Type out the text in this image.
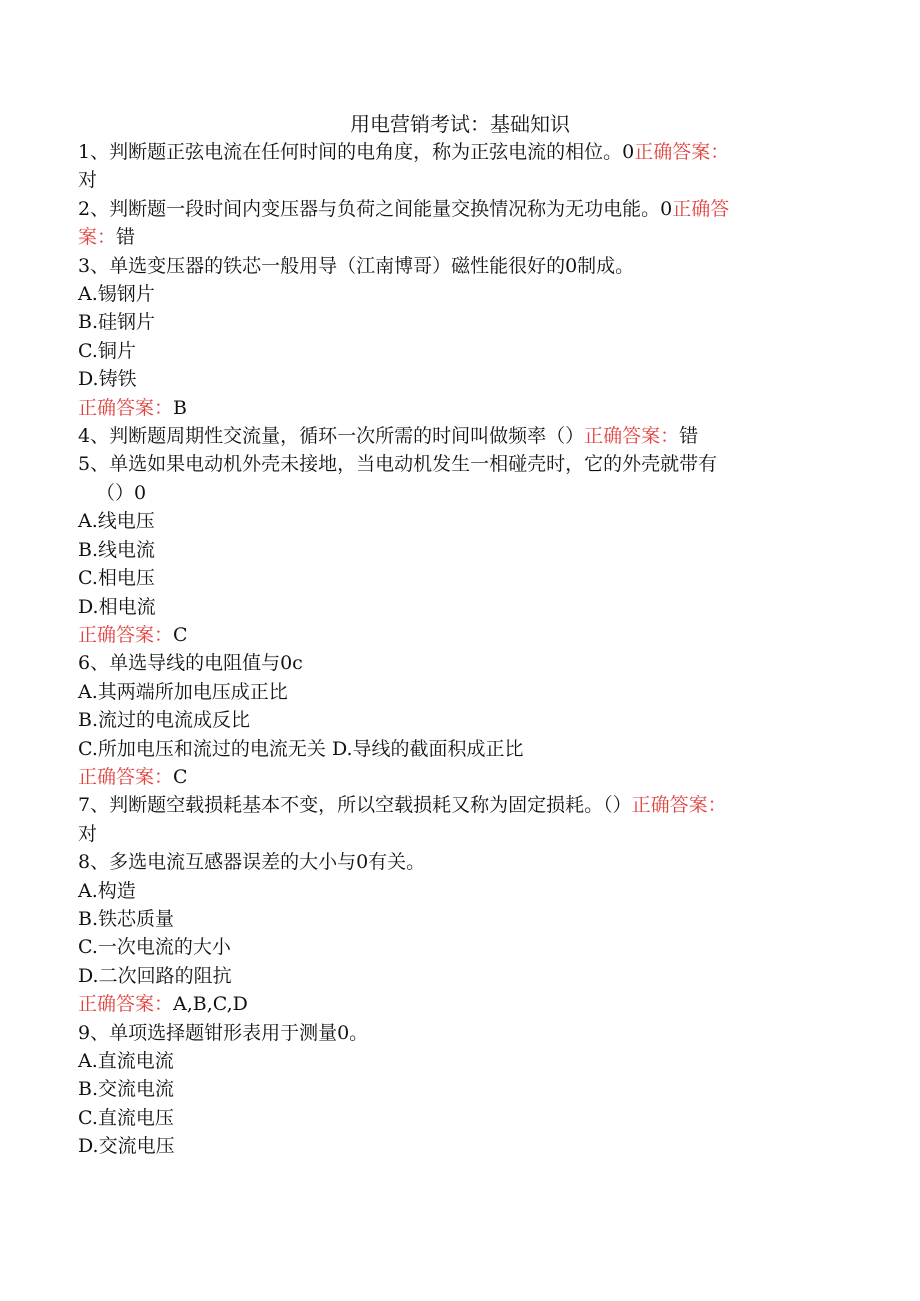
用电营销考试：基础知识
1、判断题正弦电流在任何时间的电角度，称为正弦电流的相位。0正确答案：
对
2、判断题一段时间内变压器与负荷之间能量交换情况称为无功电能。0正确答
案：错
3、单选变压器的铁芯一般用导（江南博哥）磁性能很好的0制成。
A.锡钢片
B.硅钢片
C.铜片
D.铸铁
正确答案：B
4、判断题周期性交流量，循环一次所需的时间叫做频率（）正确答案：错
5、单选如果电动机外壳未接地，当电动机发生一相碰壳时，它的外壳就带有
（）0
A.线电压
B.线电流
C.相电压
D.相电流
正确答案：C
6、单选导线的电阻值与0c
A.其两端所加电压成正比
B.流过的电流成反比
C.所加电压和流过的电流无关 D.导线的截面积成正比
正确答案：C
7、判断题空载损耗基本不变，所以空载损耗又称为固定损耗。（）正确答案：
对
8、多选电流互感器误差的大小与0有关。
A.构造
B.铁芯质量
C.一次电流的大小
D.二次回路的阻抗
正确答案：A,B,C,D
9、单项选择题钳形表用于测量0。
A.直流电流
B.交流电流
C.直流电压
D.交流电压
